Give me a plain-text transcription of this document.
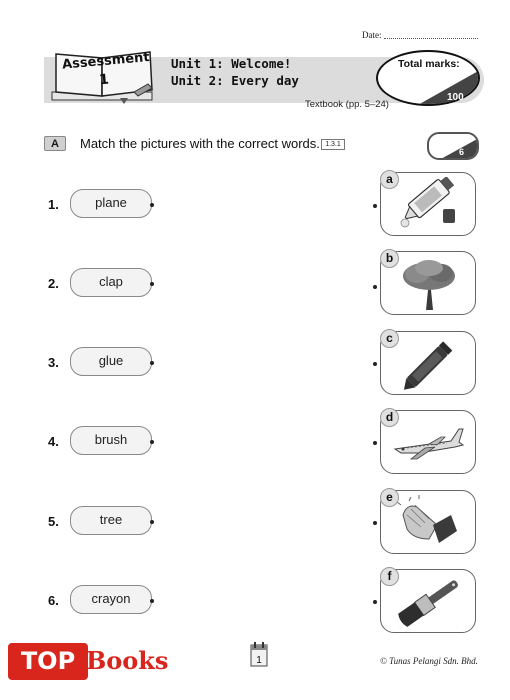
Date:
Assessment
1
Unit 1: Welcome!
Unit 2: Every day
Textbook (pp. 5–24)
Total marks:
100
A	Match the pictures with the correct words. 1.3.1
6
1.	plane
2.	clap
3.	glue
4.	brush
5.	tree
6.	crayon
a
b
c
d
e
f
1	© Tunas Pelangi Sdn. Bhd.
TOP Books
